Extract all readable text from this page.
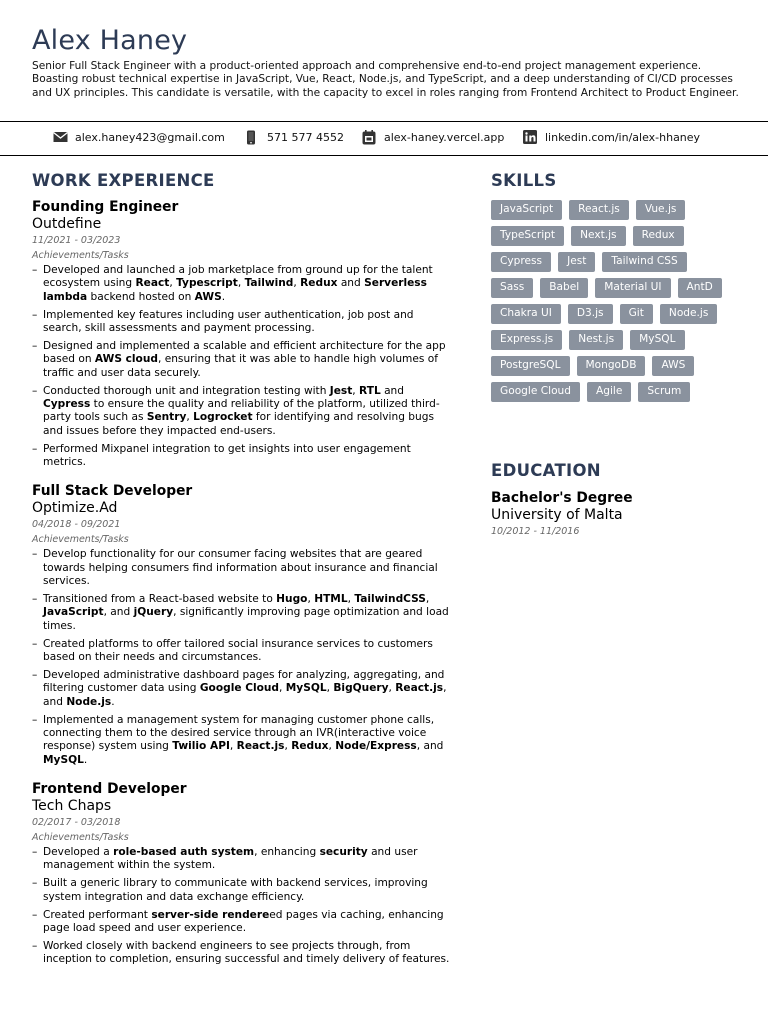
Alex Haney
Senior Full Stack Engineer with a product-oriented approach and comprehensive end-to-end project management experience. Boasting robust technical expertise in JavaScript, Vue, React, Node.js, and TypeScript, and a deep understanding of CI/CD processes and UX principles. This candidate is versatile, with the capacity to excel in roles ranging from Frontend Architect to Product Engineer.
alex.haney423@gmail.com	571 577 4552	alex-haney.vercel.app	linkedin.com/in/alex-hhaney
WORK EXPERIENCE
Founding Engineer
Outdefine
11/2021 - 03/2023
Achievements/Tasks
– Developed and launched a job marketplace from ground up for the talent ecosystem using React, Typescript, Tailwind, Redux and Serverless lambda backend hosted on AWS.
– Implemented key features including user authentication, job post and search, skill assessments and payment processing.
– Designed and implemented a scalable and efficient architecture for the app based on AWS cloud, ensuring that it was able to handle high volumes of traffic and user data securely.
– Conducted thorough unit and integration testing with Jest, RTL and Cypress to ensure the quality and reliability of the platform, utilized third-party tools such as Sentry, Logrocket for identifying and resolving bugs and issues before they impacted end-users.
– Performed Mixpanel integration to get insights into user engagement metrics.
Full Stack Developer
Optimize.Ad
04/2018 - 09/2021
Achievements/Tasks
– Develop functionality for our consumer facing websites that are geared towards helping consumers find information about insurance and financial services.
– Transitioned from a React-based website to Hugo, HTML, TailwindCSS, JavaScript, and jQuery, significantly improving page optimization and load times.
– Created platforms to offer tailored social insurance services to customers based on their needs and circumstances.
– Developed administrative dashboard pages for analyzing, aggregating, and filtering customer data using Google Cloud, MySQL, BigQuery, React.js, and Node.js.
– Implemented a management system for managing customer phone calls, connecting them to the desired service through an IVR(interactive voice response) system using Twilio API, React.js, Redux, Node/Express, and MySQL.
Frontend Developer
Tech Chaps
02/2017 - 03/2018
Achievements/Tasks
– Developed a role-based auth system, enhancing security and user management within the system.
– Built a generic library to communicate with backend services, improving system integration and data exchange efficiency.
– Created performant server-side rendereed pages via caching, enhancing page load speed and user experience.
– Worked closely with backend engineers to see projects through, from inception to completion, ensuring successful and timely delivery of features.
SKILLS
JavaScript	React.js	Vue.js
TypeScript	Next.js	Redux
Cypress	Jest	Tailwind CSS
Sass	Babel	Material UI	AntD
Chakra UI	D3.js	Git	Node.js
Express.js	Nest.js	MySQL
PostgreSQL	MongoDB	AWS
Google Cloud	Agile	Scrum
EDUCATION
Bachelor's Degree
University of Malta
10/2012 - 11/2016
